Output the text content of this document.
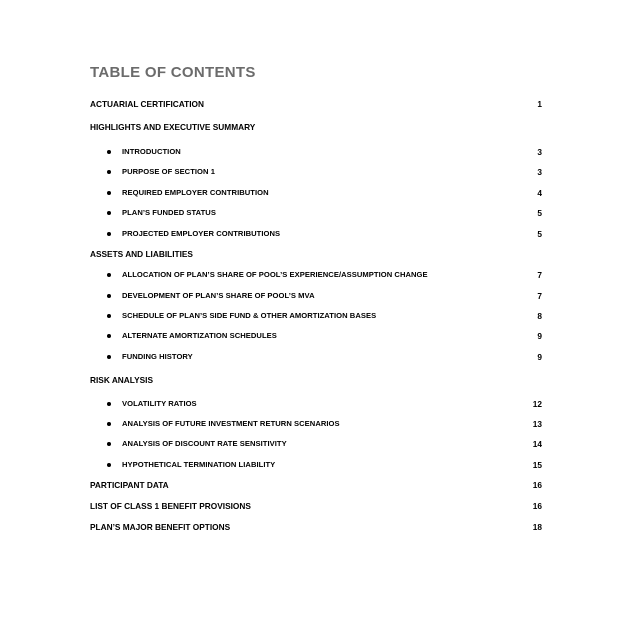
TABLE OF CONTENTS
ACTUARIAL CERTIFICATION	1
HIGHLIGHTS AND EXECUTIVE SUMMARY
INTRODUCTION	3
PURPOSE OF SECTION 1	3
REQUIRED EMPLOYER CONTRIBUTION	4
PLAN’S FUNDED STATUS	5
PROJECTED EMPLOYER CONTRIBUTIONS	5
ASSETS AND LIABILITIES
ALLOCATION OF PLAN’S SHARE OF POOL’S EXPERIENCE/ASSUMPTION CHANGE	7
DEVELOPMENT OF PLAN’S SHARE OF POOL’S MVA	7
SCHEDULE OF PLAN’S SIDE FUND & OTHER AMORTIZATION BASES	8
ALTERNATE AMORTIZATION SCHEDULES	9
FUNDING HISTORY	9
RISK ANALYSIS
VOLATILITY RATIOS	12
ANALYSIS OF FUTURE INVESTMENT RETURN SCENARIOS	13
ANALYSIS OF DISCOUNT RATE SENSITIVITY	14
HYPOTHETICAL TERMINATION LIABILITY	15
PARTICIPANT DATA	16
LIST OF CLASS 1 BENEFIT PROVISIONS	16
PLAN’S MAJOR BENEFIT OPTIONS	18
